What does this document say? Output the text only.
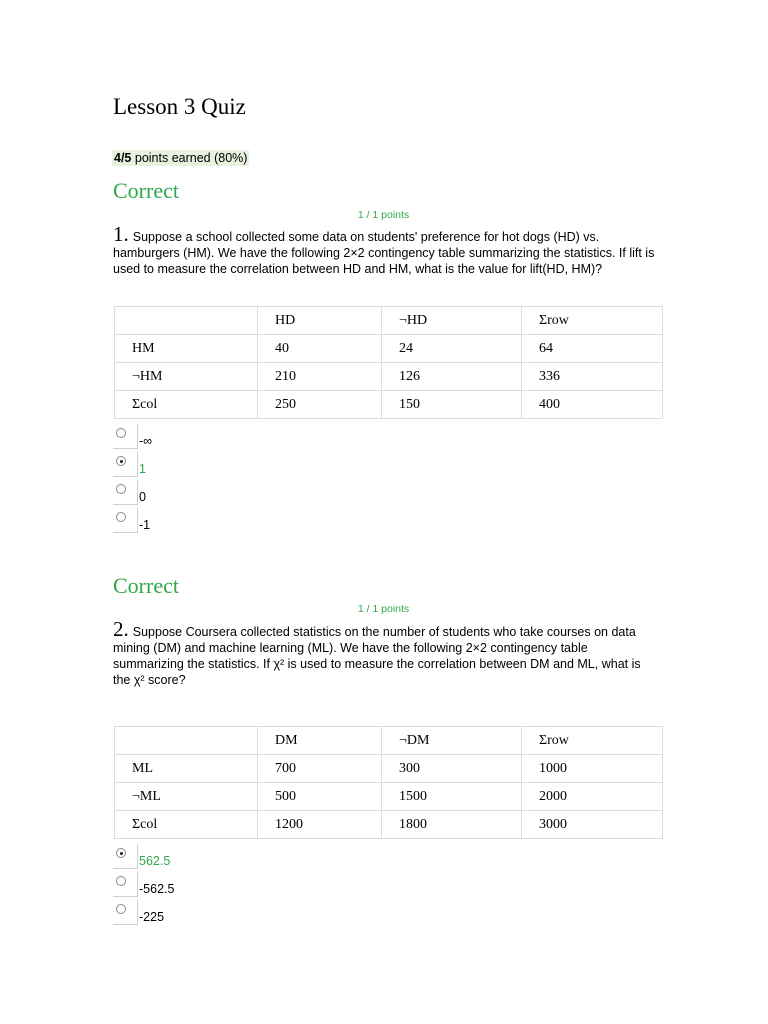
Lesson 3 Quiz
4/5 points earned (80%)
Correct
1 / 1 points
1. Suppose a school collected some data on students' preference for hot dogs (HD) vs. hamburgers (HM). We have the following 2×2 contingency table summarizing the statistics. If lift is used to measure the correlation between HD and HM, what is the value for lift(HD, HM)?
	HD	¬HD	Σrow
HM	40	24	64
¬HM	210	126	336
Σcol	250	150	400
-∞
1
0
-1
Correct
1 / 1 points
2. Suppose Coursera collected statistics on the number of students who take courses on data mining (DM) and machine learning (ML). We have the following 2×2 contingency table summarizing the statistics. If χ² is used to measure the correlation between DM and ML, what is the χ² score?
	DM	¬DM	Σrow
ML	700	300	1000
¬ML	500	1500	2000
Σcol	1200	1800	3000
562.5
-562.5
-225
